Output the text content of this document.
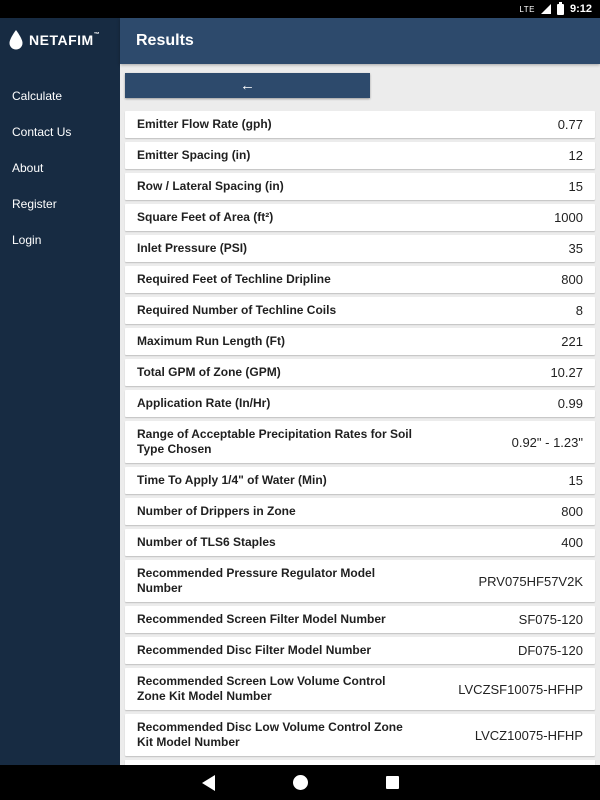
LTE	9:12
NETAFIM™
Calculate
Contact Us
About
Register
Login
Results
←
Emitter Flow Rate (gph)	0.77
Emitter Spacing (in)	12
Row / Lateral Spacing (in)	15
Square Feet of Area (ft²)	1000
Inlet Pressure (PSI)	35
Required Feet of Techline Dripline	800
Required Number of Techline Coils	8
Maximum Run Length (Ft)	221
Total GPM of Zone (GPM)	10.27
Application Rate (In/Hr)	0.99
Range of Acceptable Precipitation Rates for Soil Type Chosen	0.92" - 1.23"
Time To Apply 1/4" of Water (Min)	15
Number of Drippers in Zone	800
Number of TLS6 Staples	400
Recommended Pressure Regulator Model Number	PRV075HF57V2K
Recommended Screen Filter Model Number	SF075-120
Recommended Disc Filter Model Number	DF075-120
Recommended Screen Low Volume Control Zone Kit Model Number	LVCZSF10075-HFHP
Recommended Disc Low Volume Control Zone Kit Model Number	LVCZ10075-HFHP
